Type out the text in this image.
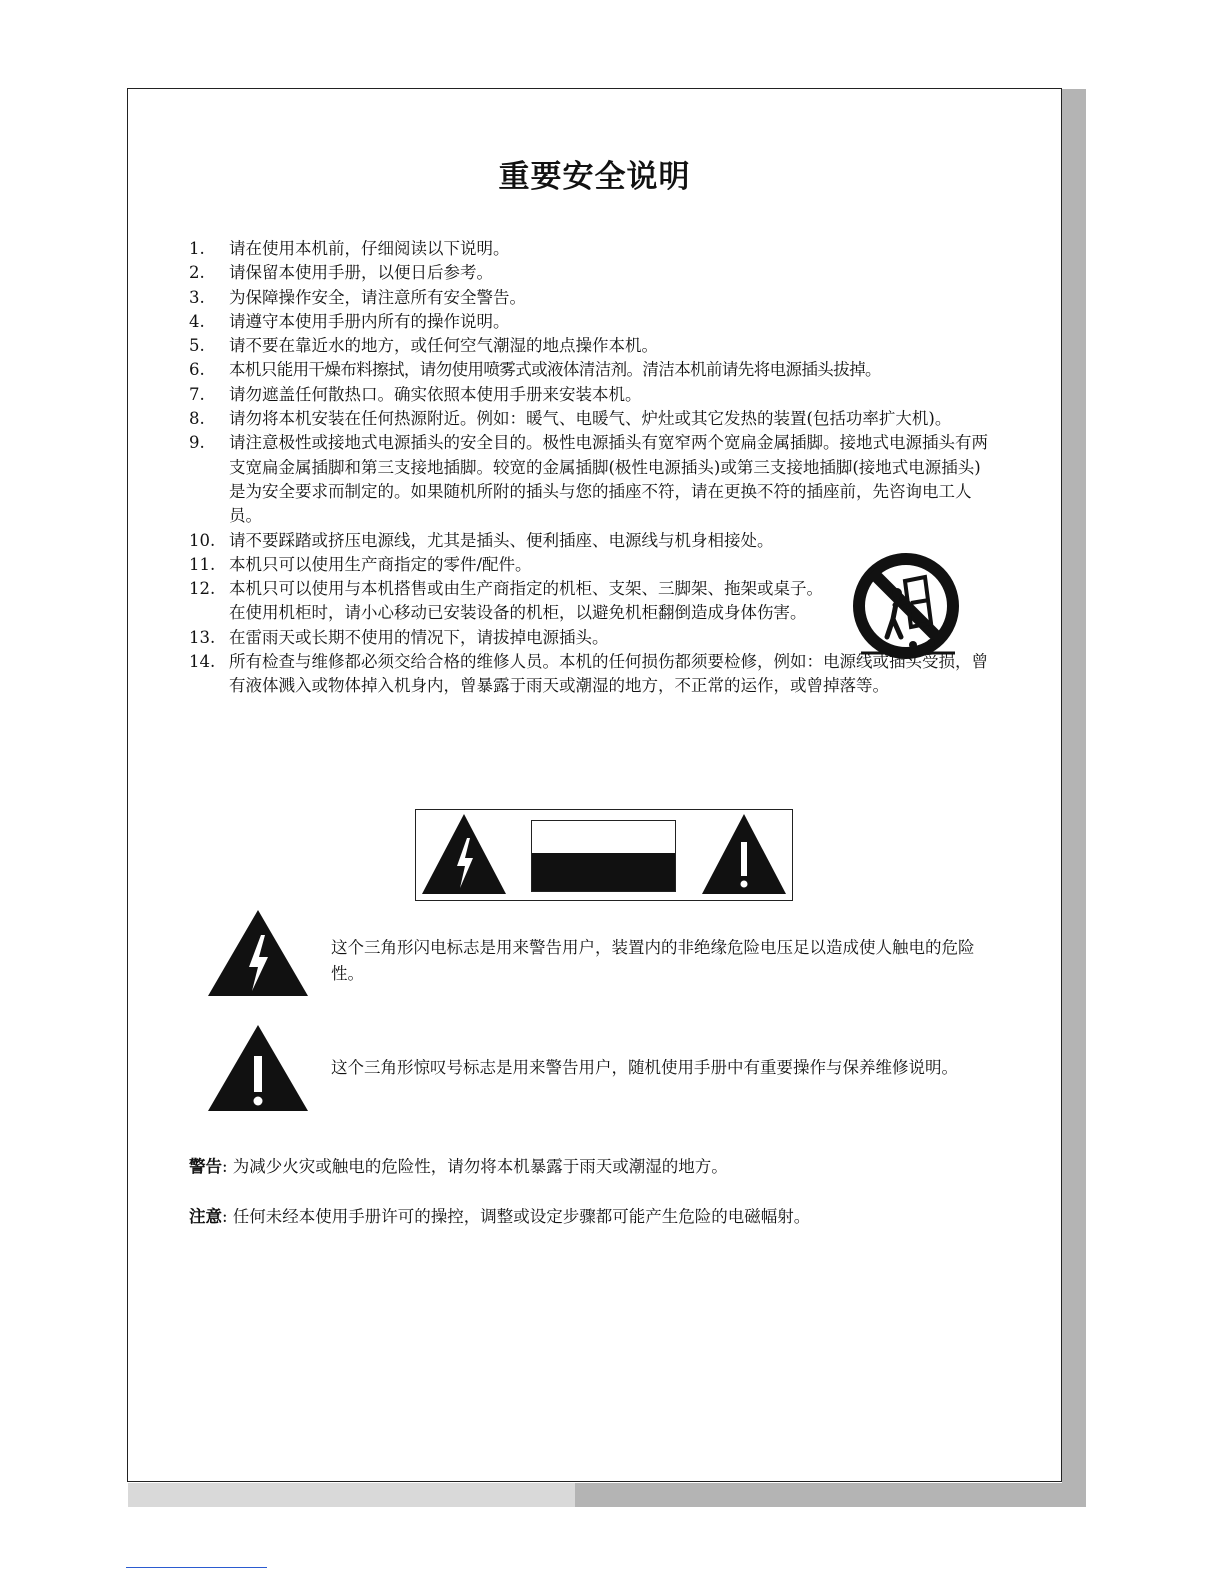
重要安全说明
1.	请在使用本机前，仔细阅读以下说明。
2.	请保留本使用手册，以便日后参考。
3.	为保障操作安全，请注意所有安全警告。
4.	请遵守本使用手册内所有的操作说明。
5.	请不要在靠近水的地方，或任何空气潮湿的地点操作本机。
6.	本机只能用干燥布料擦拭，请勿使用喷雾式或液体清洁剂。清洁本机前请先将电源插头拔掉。
7.	请勿遮盖任何散热口。确实依照本使用手册来安装本机。
8.	请勿将本机安装在任何热源附近。例如：暖气、电暖气、炉灶或其它发热的装置(包括功率扩大机)。
9.	请注意极性或接地式电源插头的安全目的。极性电源插头有宽窄两个宽扁金属插脚。接地式电源插头有两支宽扁金属插脚和第三支接地插脚。较宽的金属插脚(极性电源插头)或第三支接地插脚(接地式电源插头)是为安全要求而制定的。如果随机所附的插头与您的插座不符，请在更换不符的插座前，先咨询电工人员。
10. 请不要踩踏或挤压电源线，尤其是插头、便利插座、电源线与机身相接处。
11. 本机只可以使用生产商指定的零件/配件。
12. 本机只可以使用与本机搭售或由生产商指定的机柜、支架、三脚架、拖架或桌子。在使用机柜时，请小心移动已安装设备的机柜，以避免机柜翻倒造成身体伤害。
13. 在雷雨天或长期不使用的情况下，请拔掉电源插头。
14. 所有检查与维修都必须交给合格的维修人员。本机的任何损伤都须要检修，例如：电源线或插头受损，曾有液体溅入或物体掉入机身内，曾暴露于雨天或潮湿的地方，不正常的运作，或曾掉落等。
这个三角形闪电标志是用来警告用户，装置内的非绝缘危险电压足以造成使人触电的危险性。
这个三角形惊叹号标志是用来警告用户，随机使用手册中有重要操作与保养维修说明。
警告: 为减少火灾或触电的危险性，请勿将本机暴露于雨天或潮湿的地方。
注意: 任何未经本使用手册许可的操控，调整或设定步骤都可能产生危险的电磁幅射。
